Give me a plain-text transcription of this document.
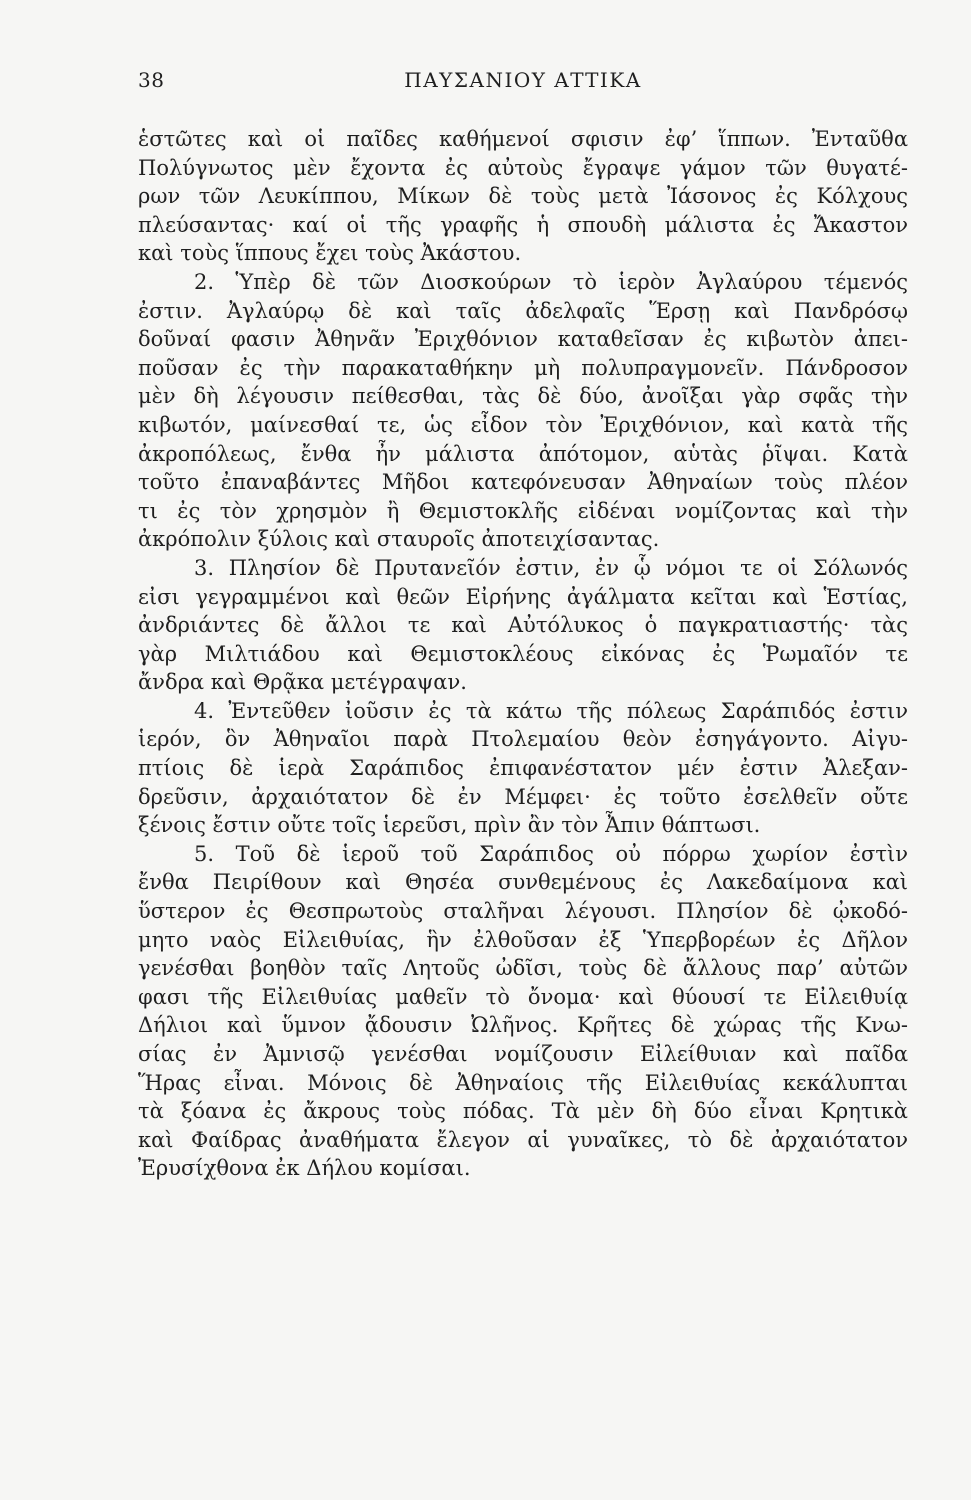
38	ΠΑΥΣΑΝΙΟΥ ΑΤΤΙΚΑ
ἑστῶτες καὶ οἱ παῖδες καθήμενοί σφισιν ἐφ’ ἵππων. Ἐνταῦθα
Πολύγνωτος μὲν ἔχοντα ἐς αὐτοὺς ἔγραψε γάμον τῶν θυγατέ-
ρων τῶν Λευκίππου, Μίκων δὲ τοὺς μετὰ Ἰάσονος ἐς Κόλχους
πλεύσαντας· καί οἱ τῆς γραφῆς ἡ σπουδὴ μάλιστα ἐς Ἄκαστον
καὶ τοὺς ἵππους ἔχει τοὺς Ἀκάστου.
2. Ὑπὲρ δὲ τῶν Διοσκούρων τὸ ἱερὸν Ἀγλαύρου τέμενός
ἐστιν. Ἀγλαύρῳ δὲ καὶ ταῖς ἀδελφαῖς Ἕρσῃ καὶ Πανδρόσῳ
δοῦναί φασιν Ἀθηνᾶν Ἐριχθόνιον καταθεῖσαν ἐς κιβωτὸν ἀπει-
ποῦσαν ἐς τὴν παρακαταθήκην μὴ πολυπραγμονεῖν. Πάνδροσον
μὲν δὴ λέγουσιν πείθεσθαι, τὰς δὲ δύο, ἀνοῖξαι γὰρ σφᾶς τὴν
κιβωτόν, μαίνεσθαί τε, ὡς εἶδον τὸν Ἐριχθόνιον, καὶ κατὰ τῆς
ἀκροπόλεως, ἔνθα ἦν μάλιστα ἀπότομον, αὑτὰς ῥῖψαι. Κατὰ
τοῦτο ἐπαναβάντες Μῆδοι κατεφόνευσαν Ἀθηναίων τοὺς πλέον
τι ἐς τὸν χρησμὸν ἢ Θεμιστοκλῆς εἰδέναι νομίζοντας καὶ τὴν
ἀκρόπολιν ξύλοις καὶ σταυροῖς ἀποτειχίσαντας.
3. Πλησίον δὲ Πρυτανεῖόν ἐστιν, ἐν ᾧ νόμοι τε οἱ Σόλωνός
εἰσι γεγραμμένοι καὶ θεῶν Εἰρήνης ἀγάλματα κεῖται καὶ Ἑστίας,
ἀνδριάντες δὲ ἄλλοι τε καὶ Αὐτόλυκος ὁ παγκρατιαστής· τὰς
γὰρ Μιλτιάδου καὶ Θεμιστοκλέους εἰκόνας ἐς Ῥωμαῖόν τε
ἄνδρα καὶ Θρᾷκα μετέγραψαν.
4. Ἐντεῦθεν ἰοῦσιν ἐς τὰ κάτω τῆς πόλεως Σαράπιδός ἐστιν
ἱερόν, ὃν Ἀθηναῖοι παρὰ Πτολεμαίου θεὸν ἐσηγάγοντο. Αἰγυ-
πτίοις δὲ ἱερὰ Σαράπιδος ἐπιφανέστατον μέν ἐστιν Ἀλεξαν-
δρεῦσιν, ἀρχαιότατον δὲ ἐν Μέμφει· ἐς τοῦτο ἐσελθεῖν οὔτε
ξένοις ἔστιν οὔτε τοῖς ἱερεῦσι, πρὶν ἂν τὸν Ἆπιν θάπτωσι.
5. Τοῦ δὲ ἱεροῦ τοῦ Σαράπιδος οὐ πόρρω χωρίον ἐστὶν
ἔνθα Πειρίθουν καὶ Θησέα συνθεμένους ἐς Λακεδαίμονα καὶ
ὕστερον ἐς Θεσπρωτοὺς σταλῆναι λέγουσι. Πλησίον δὲ ᾠκοδό-
μητο ναὸς Εἰλειθυίας, ἣν ἐλθοῦσαν ἐξ Ὑπερβορέων ἐς Δῆλον
γενέσθαι βοηθὸν ταῖς Λητοῦς ὠδῖσι, τοὺς δὲ ἄλλους παρ’ αὐτῶν
φασι τῆς Εἰλειθυίας μαθεῖν τὸ ὄνομα· καὶ θύουσί τε Εἰλειθυίᾳ
Δήλιοι καὶ ὕμνον ᾄδουσιν Ὠλῆνος. Κρῆτες δὲ χώρας τῆς Κνω-
σίας ἐν Ἀμνισῷ γενέσθαι νομίζουσιν Εἰλείθυιαν καὶ παῖδα
Ἥρας εἶναι. Μόνοις δὲ Ἀθηναίοις τῆς Εἰλειθυίας κεκάλυπται
τὰ ξόανα ἐς ἄκρους τοὺς πόδας. Τὰ μὲν δὴ δύο εἶναι Κρητικὰ
καὶ Φαίδρας ἀναθήματα ἔλεγον αἱ γυναῖκες, τὸ δὲ ἀρχαιότατον
Ἐρυσίχθονα ἐκ Δήλου κομίσαι.
